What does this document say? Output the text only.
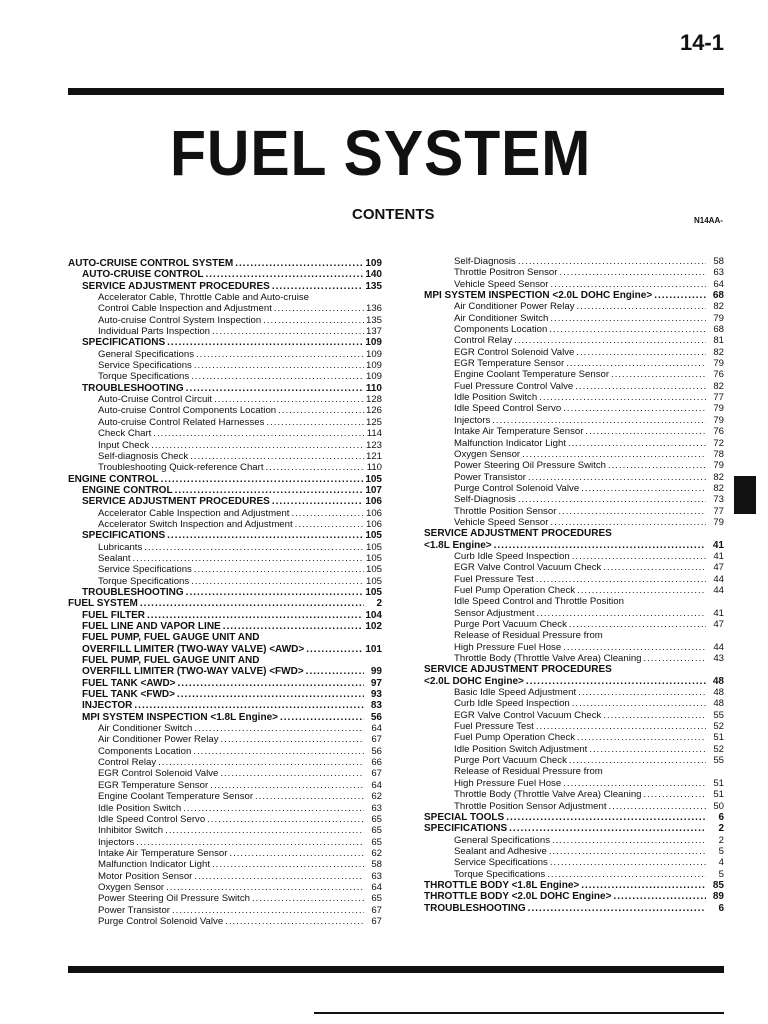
14-1
FUEL SYSTEM
CONTENTS	N14AA-
AUTO-CRUISE CONTROL SYSTEM .....	109
AUTO-CRUISE CONTROL .....	140
SERVICE ADJUSTMENT PROCEDURES .....	135
Accelerator Cable, Throttle Cable and Auto-cruise
Control Cable Inspection and Adjustment .....	136
Auto-cruise Control System Inspection .....	135
Individual Parts Inspection .....	137
SPECIFICATIONS .....	109
General Specifications .....	109
Service Specifications .....	109
Torque Specifications .....	109
TROUBLESHOOTING .....	110
Auto-Cruise Control Circuit .....	128
Auto-cruise Control Components Location .....	126
Auto-cruise Control Related Harnesses .....	125
Check Chart .....	114
Input Check .....	123
Self-diagnosis Check .....	121
Troubleshooting Quick-reference Chart .....	110
ENGINE CONTROL .....	105
ENGINE CONTROL .....	107
SERVICE ADJUSTMENT PROCEDURES .....	106
Accelerator Cable Inspection and Adjustment .....	106
Accelerator Switch Inspection and Adjustment .....	106
SPECIFICATIONS .....	105
Lubricants .....	105
Sealant .....	105
Service Specifications .....	105
Torque Specifications .....	105
TROUBLESHOOTING .....	105
FUEL SYSTEM .....	2
FUEL FILTER .....	104
FUEL LINE AND VAPOR LINE .....	102
FUEL PUMP, FUEL GAUGE UNIT AND
OVERFILL LIMITER (TWO-WAY VALVE) <AWD> .....	101
FUEL PUMP, FUEL GAUGE UNIT AND
OVERFILL LIMITER (TWO-WAY VALVE) <FWD> .....	99
FUEL TANK <AWD> .....	97
FUEL TANK <FWD> .....	93
INJECTOR .....	83
MPI SYSTEM INSPECTION <1.8L Engine> .....	56
Air Conditioner Switch .....	64
Air Conditioner Power Relay .....	67
Components Location .....	56
Control Relay .....	66
EGR Control Solenoid Valve .....	67
EGR Temperature Sensor .....	64
Engine Coolant Temperature Sensor .....	62
Idle Position Switch .....	63
Idle Speed Control Servo .....	65
Inhibitor Switch .....	65
Injectors .....	65
Intake Air Temperature Sensor .....	62
Malfunction Indicator Light .....	58
Motor Position Sensor .....	63
Oxygen Sensor .....	64
Power Steering Oil Pressure Switch .....	65
Power Transistor .....	67
Purge Control Solenoid Valve .....	67
Self-Diagnosis .....	58
Throttle Positron Sensor .....	63
Vehicle Speed Sensor .....	64
MPI SYSTEM INSPECTION <2.0L DOHC Engine> .....	68
Air Conditioner Power Relay .....	82
Air Conditioner Switch .....	79
Components Location .....	68
Control Relay .....	81
EGR Control Solenoid Valve .....	82
EGR Temperature Sensor .....	79
Engine Coolant Temperature Sensor .....	76
Fuel Pressure Control Valve .....	82
Idle Position Switch .....	77
Idle Speed Control Servo .....	79
Injectors .....	79
Intake Air Temperature Sensor .....	76
Malfunction Indicator Light .....	72
Oxygen Sensor .....	78
Power Steering Oil Pressure Switch .....	79
Power Transistor .....	82
Purge Control Solenoid Valve .....	82
Self-Diagnosis .....	73
Throttle Position Sensor .....	77
Vehicle Speed Sensor .....	79
SERVICE ADJUSTMENT PROCEDURES
<1.8L Engine> .....	41
Curb Idle Speed Inspection .....	41
EGR Valve Control Vacuum Check .....	47
Fuel Pressure Test .....	44
Fuel Pump Operation Check .....	44
Idle Speed Control and Throttle Position
Sensor Adjustment .....	41
Purge Port Vacuum Check .....	47
Release of Residual Pressure from
High Pressure Fuel Hose .....	44
Throttle Body (Throttle Valve Area) Cleaning .....	43
SERVICE ADJUSTMENT PROCEDURES
<2.0L DOHC Engine> .....	48
Basic Idle Speed Adjustment .....	48
Curb Idle Speed Inspection .....	48
EGR Valve Control Vacuum Check .....	55
Fuel Pressure Test .....	52
Fuel Pump Operation Check .....	51
Idle Position Switch Adjustment .....	52
Purge Port Vacuum Check .....	55
Release of Residual Pressure from
High Pressure Fuel Hose .....	51
Throttle Body (Throttle Valve Area) Cleaning .....	51
Throttle Position Sensor Adjustment .....	50
SPECIAL TOOLS .....	6
SPECIFICATIONS .....	2
General Specifications .....	2
Sealant and Adhesive .....	5
Service Specifications .....	4
Torque Specifications .....	5
THROTTLE BODY <1.8L Engine> .....	85
THROTTLE BODY <2.0L DOHC Engine> .....	89
TROUBLESHOOTING .....	6
